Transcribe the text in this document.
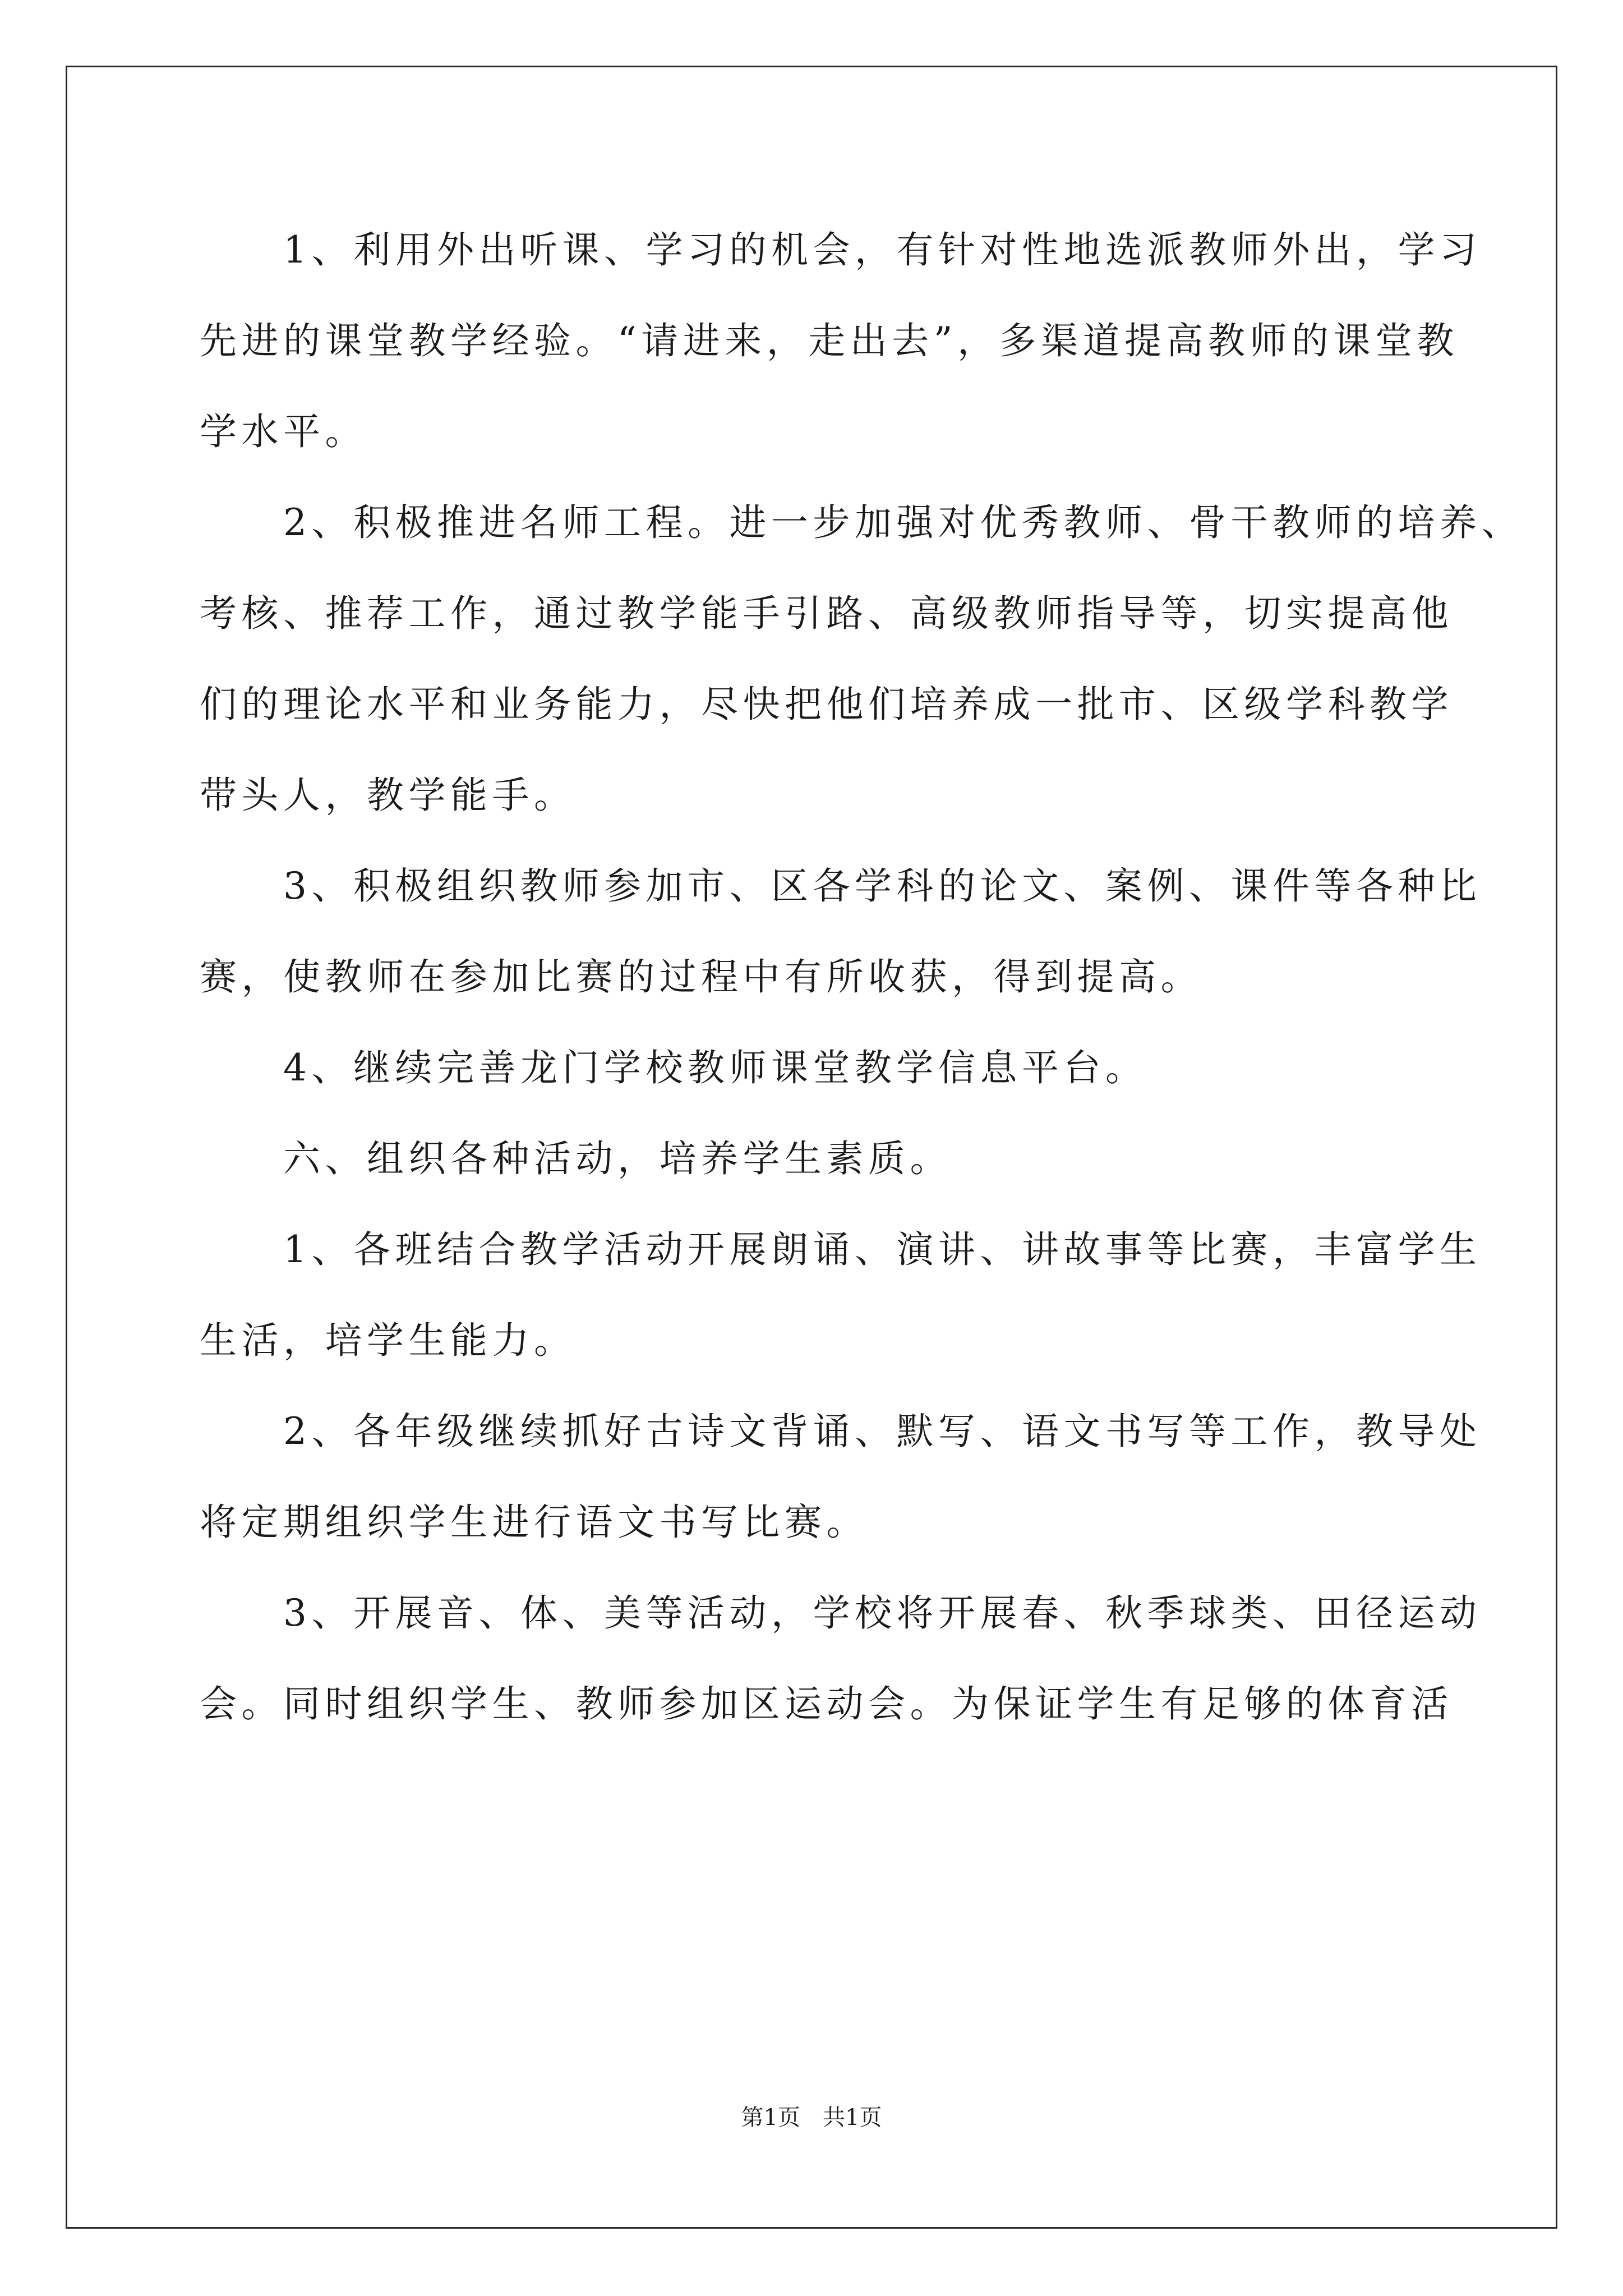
　　1、利用外出听课、学习的机会，有针对性地选派教师外出，学习
先进的课堂教学经验。“请进来，走出去”，多渠道提高教师的课堂教
学水平。
　　2、积极推进名师工程。进一步加强对优秀教师、骨干教师的培养、
考核、推荐工作，通过教学能手引路、高级教师指导等，切实提高他
们的理论水平和业务能力，尽快把他们培养成一批市、区级学科教学
带头人，教学能手。
　　3、积极组织教师参加市、区各学科的论文、案例、课件等各种比
赛，使教师在参加比赛的过程中有所收获，得到提高。
　　4、继续完善龙门学校教师课堂教学信息平台。
　　六、组织各种活动，培养学生素质。
　　1、各班结合教学活动开展朗诵、演讲、讲故事等比赛，丰富学生
生活，培学生能力。
　　2、各年级继续抓好古诗文背诵、默写、语文书写等工作，教导处
将定期组织学生进行语文书写比赛。
　　3、开展音、体、美等活动，学校将开展春、秋季球类、田径运动
会。同时组织学生、教师参加区运动会。为保证学生有足够的体育活
第1页　共1页
